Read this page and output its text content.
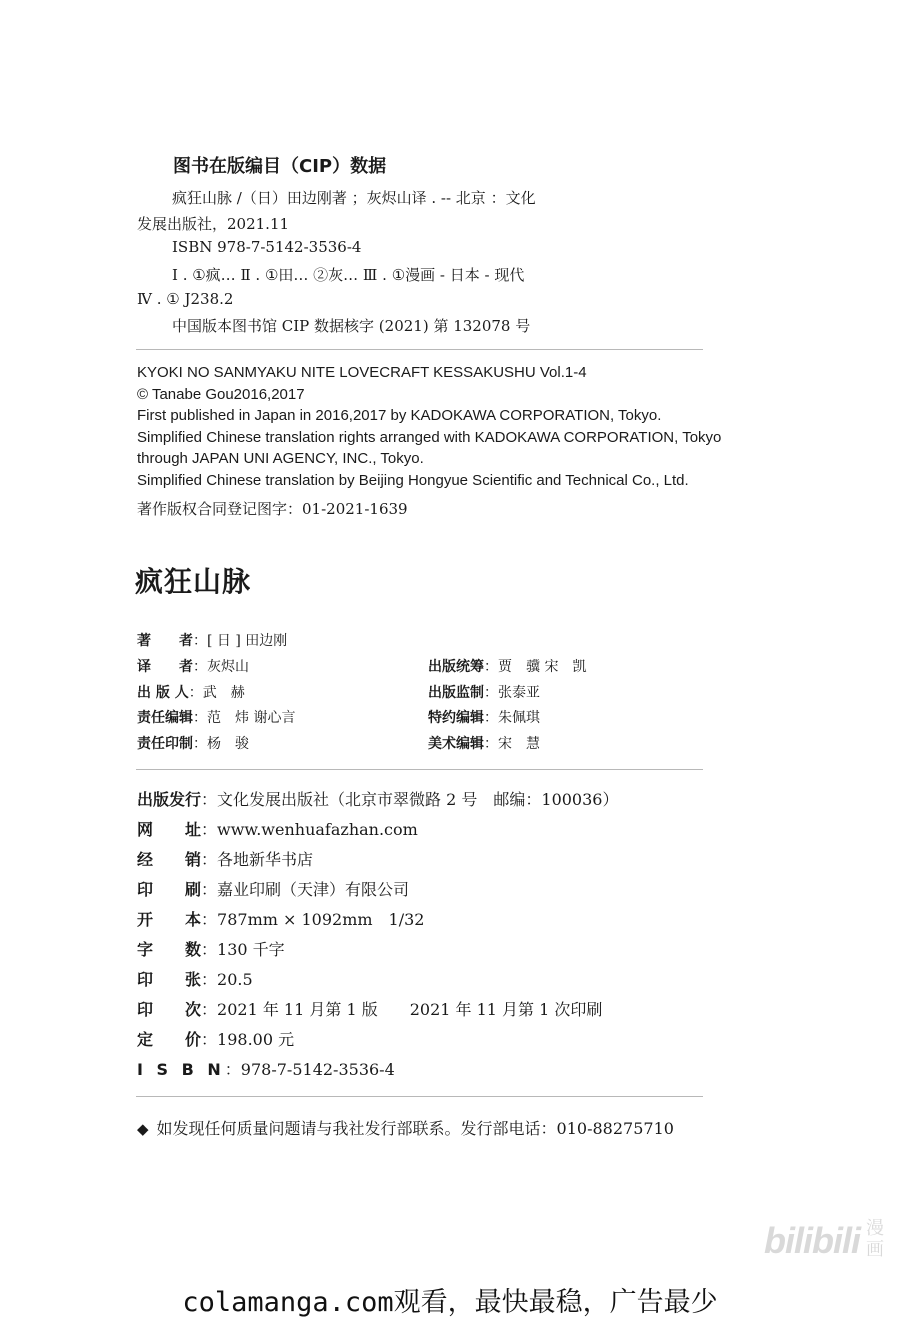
图书在版编目（CIP）数据
疯狂山脉 /（日）田边刚著 ；灰烬山译 . -- 北京 ：文化
发展出版社，2021.11
ISBN 978-7-5142-3536-4
Ⅰ . ①疯… Ⅱ . ①田… ②灰… Ⅲ . ①漫画 - 日本 - 现代
Ⅳ . ① J238.2
中国版本图书馆 CIP 数据核字 (2021) 第 132078 号
KYOKI NO SANMYAKU NITE LOVECRAFT KESSAKUSHU Vol.1-4
© Tanabe Gou2016,2017
First published in Japan in 2016,2017 by KADOKAWA CORPORATION, Tokyo.
Simplified Chinese translation rights arranged with KADOKAWA CORPORATION, Tokyo
through JAPAN UNI AGENCY, INC., Tokyo.
Simplified Chinese translation by Beijing Hongyue Scientific and Technical Co., Ltd.
著作版权合同登记图字：01-2021-1639
疯狂山脉
著　　者：[ 日 ] 田边刚
译　　者：灰烬山
出 版 人：武　赫
责任编辑：范　炜 谢心言
责任印制：杨　骏
出版统筹：贾　骥 宋　凯
出版监制：张泰亚
特约编辑：朱佩琪
美术编辑：宋　慧
出版发行：文化发展出版社（北京市翠微路 2 号　邮编：100036）
网　　址：www.wenhuafazhan.com
经　　销：各地新华书店
印　　刷：嘉业印刷（天津）有限公司
开　　本：787mm × 1092mm　1/32
字　　数：130 千字
印　　张：20.5
印　　次：2021 年 11 月第 1 版　　2021 年 11 月第 1 次印刷
定　　价：198.00 元
I S B N：978-7-5142-3536-4
◆ 如发现任何质量问题请与我社发行部联系。发行部电话：010-88275710
bilibili 漫画
colamanga.com观看，最快最稳，广告最少
